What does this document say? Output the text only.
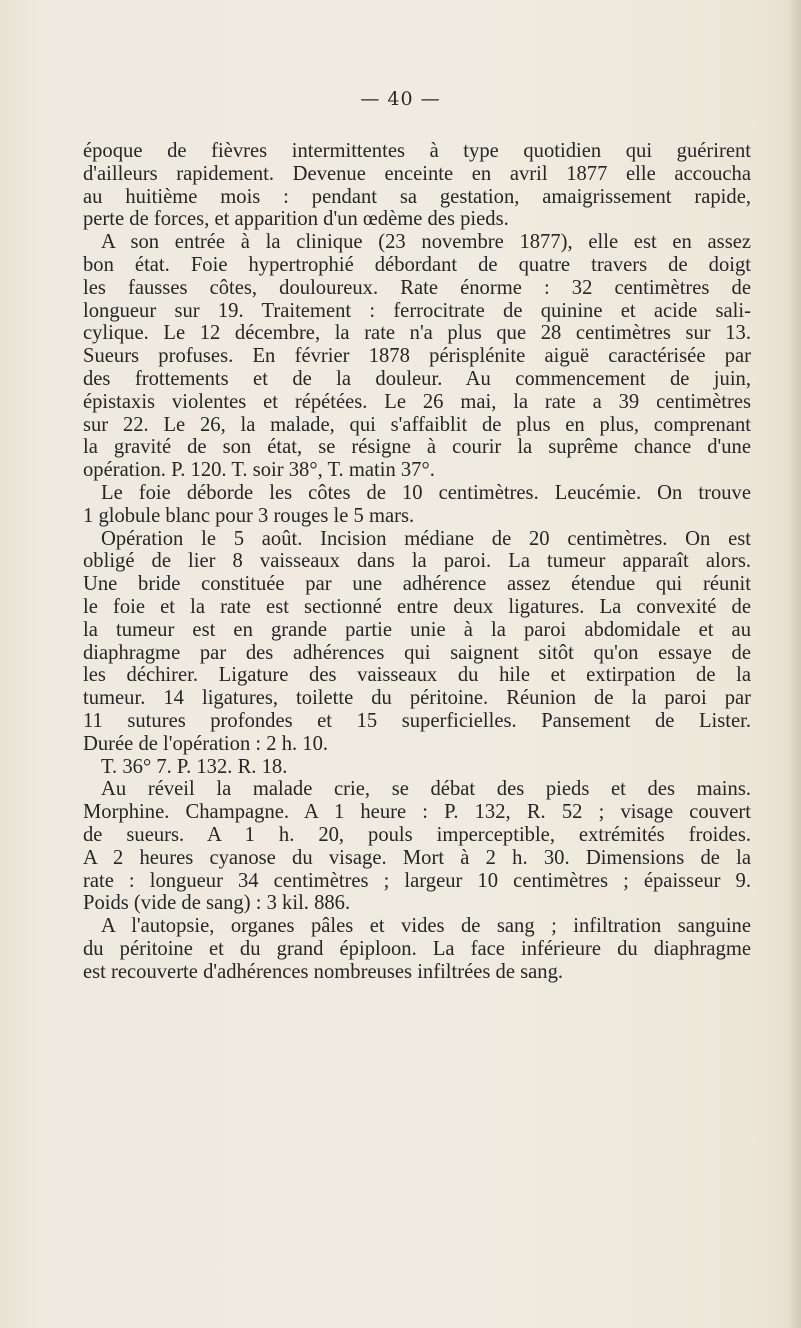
— 40 —
époque de fièvres intermittentes à type quotidien qui guérirent
d'ailleurs rapidement. Devenue enceinte en avril 1877 elle accoucha
au huitième mois : pendant sa gestation, amaigrissement rapide,
perte de forces, et apparition d'un œdème des pieds.
A son entrée à la clinique (23 novembre 1877), elle est en assez
bon état. Foie hypertrophié débordant de quatre travers de doigt
les fausses côtes, douloureux. Rate énorme : 32 centimètres de
longueur sur 19. Traitement : ferrocitrate de quinine et acide sali-
cylique. Le 12 décembre, la rate n'a plus que 28 centimètres sur 13.
Sueurs profuses. En février 1878 périsplénite aiguë caractérisée par
des frottements et de la douleur. Au commencement de juin,
épistaxis violentes et répétées. Le 26 mai, la rate a 39 centimètres
sur 22. Le 26, la malade, qui s'affaiblit de plus en plus, comprenant
la gravité de son état, se résigne à courir la suprême chance d'une
opération. P. 120. T. soir 38°, T. matin 37°.
Le foie déborde les côtes de 10 centimètres. Leucémie. On trouve
1 globule blanc pour 3 rouges le 5 mars.
Opération le 5 août. Incision médiane de 20 centimètres. On est
obligé de lier 8 vaisseaux dans la paroi. La tumeur apparaît alors.
Une bride constituée par une adhérence assez étendue qui réunit
le foie et la rate est sectionné entre deux ligatures. La convexité de
la tumeur est en grande partie unie à la paroi abdomidale et au
diaphragme par des adhérences qui saignent sitôt qu'on essaye de
les déchirer. Ligature des vaisseaux du hile et extirpation de la
tumeur. 14 ligatures, toilette du péritoine. Réunion de la paroi par
11 sutures profondes et 15 superficielles. Pansement de Lister.
Durée de l'opération : 2 h. 10.
T. 36° 7. P. 132. R. 18.
Au réveil la malade crie, se débat des pieds et des mains.
Morphine. Champagne. A 1 heure : P. 132, R. 52 ; visage couvert
de sueurs. A 1 h. 20, pouls imperceptible, extrémités froides.
A 2 heures cyanose du visage. Mort à 2 h. 30. Dimensions de la
rate : longueur 34 centimètres ; largeur 10 centimètres ; épaisseur 9.
Poids (vide de sang) : 3 kil. 886.
A l'autopsie, organes pâles et vides de sang ; infiltration sanguine
du péritoine et du grand épiploon. La face inférieure du diaphragme
est recouverte d'adhérences nombreuses infiltrées de sang.
